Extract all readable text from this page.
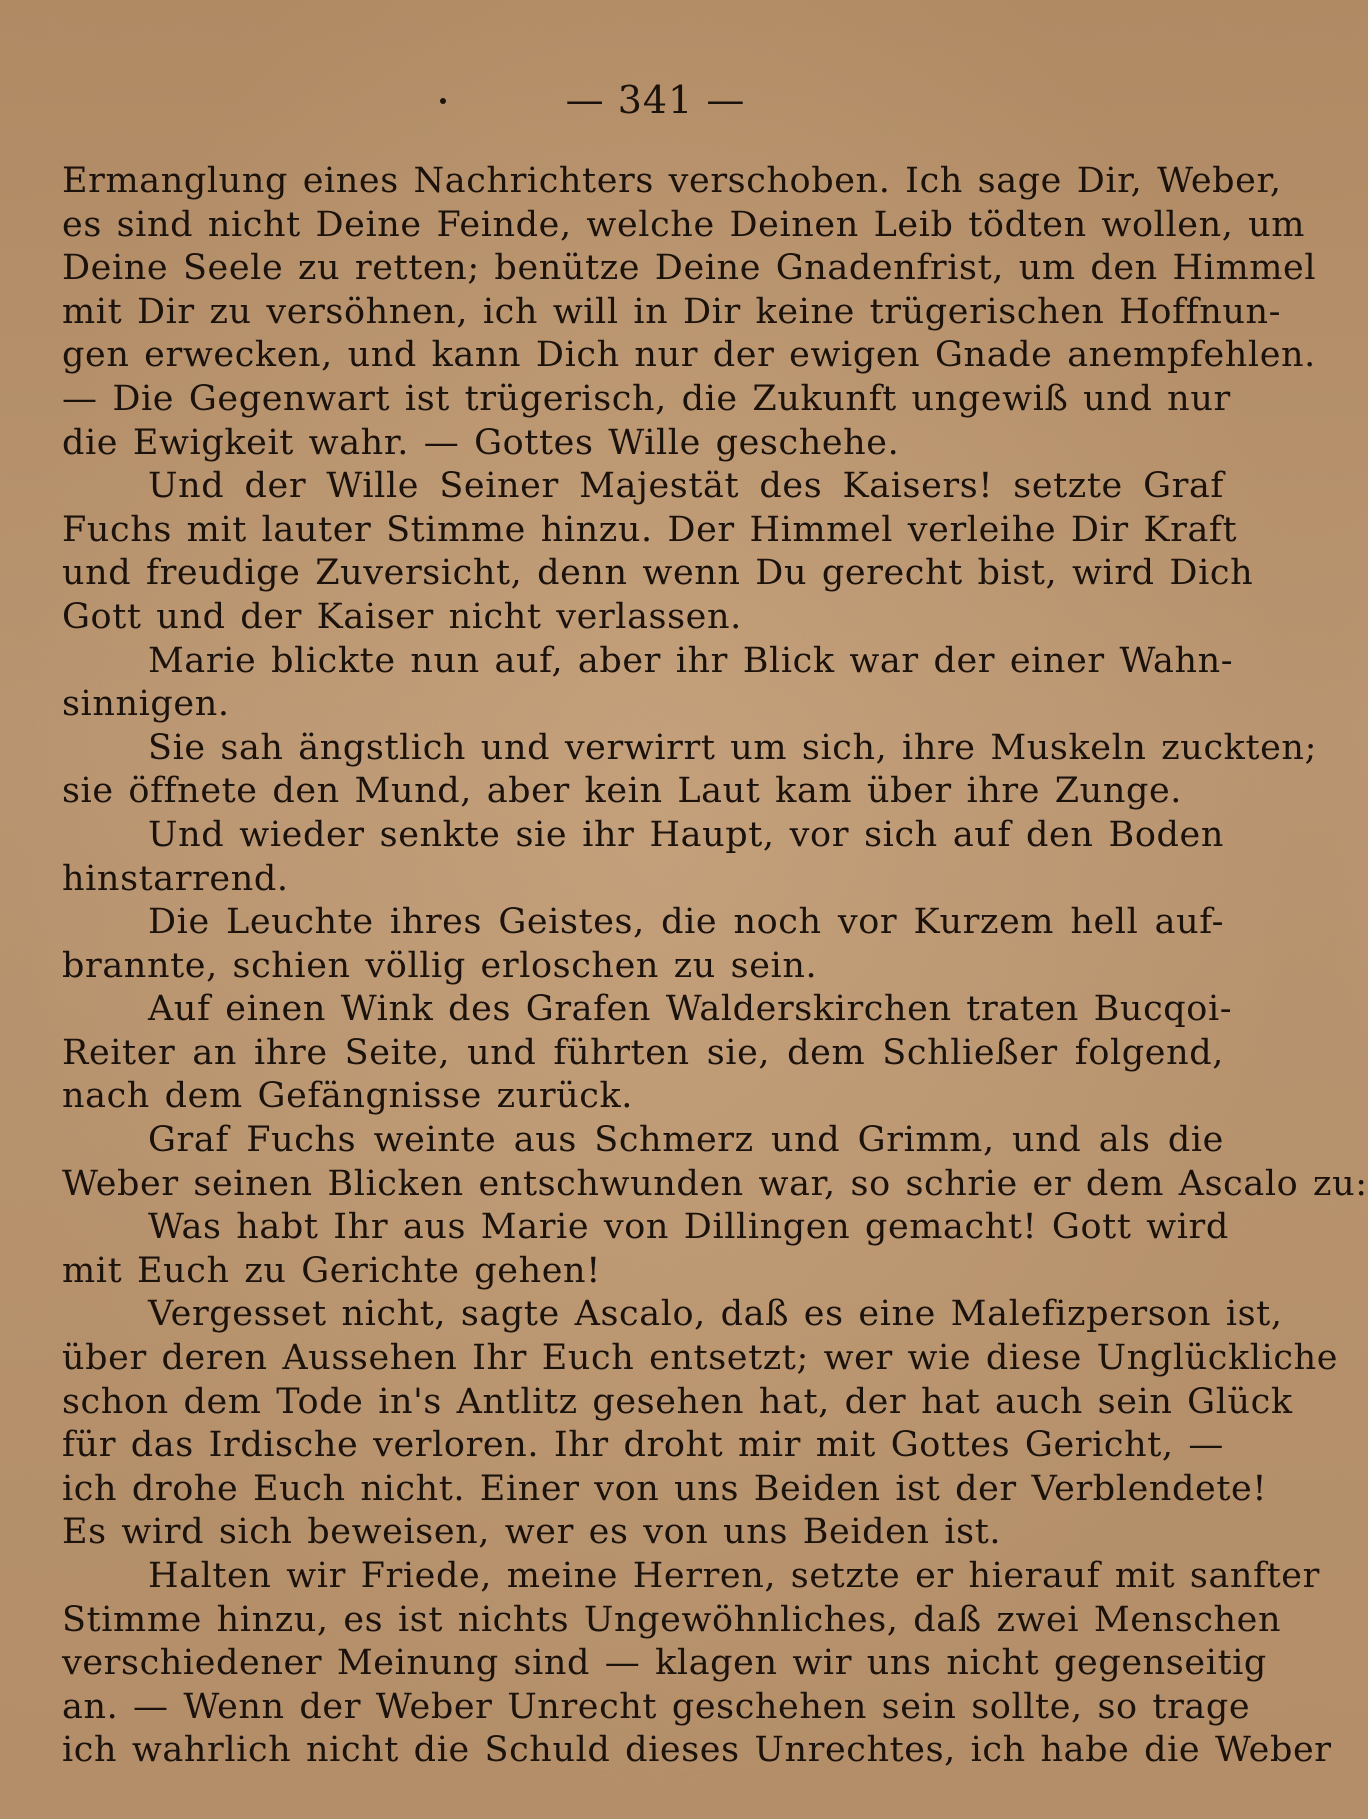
— 341 —
Ermanglung eines Nachrichters verschoben. Ich sage Dir, Weber,
es sind nicht Deine Feinde, welche Deinen Leib tödten wollen, um
Deine Seele zu retten; benütze Deine Gnadenfrist, um den Himmel
mit Dir zu versöhnen, ich will in Dir keine trügerischen Hoffnun-
gen erwecken, und kann Dich nur der ewigen Gnade anempfehlen.
— Die Gegenwart ist trügerisch, die Zukunft ungewiß und nur
die Ewigkeit wahr. — Gottes Wille geschehe.
Und der Wille Seiner Majestät des Kaisers! setzte Graf
Fuchs mit lauter Stimme hinzu. Der Himmel verleihe Dir Kraft
und freudige Zuversicht, denn wenn Du gerecht bist, wird Dich
Gott und der Kaiser nicht verlassen.
Marie blickte nun auf, aber ihr Blick war der einer Wahn-
sinnigen.
Sie sah ängstlich und verwirrt um sich, ihre Muskeln zuckten;
sie öffnete den Mund, aber kein Laut kam über ihre Zunge.
Und wieder senkte sie ihr Haupt, vor sich auf den Boden
hinstarrend.
Die Leuchte ihres Geistes, die noch vor Kurzem hell auf-
brannte, schien völlig erloschen zu sein.
Auf einen Wink des Grafen Walderskirchen traten Bucqoi-
Reiter an ihre Seite, und führten sie, dem Schließer folgend,
nach dem Gefängnisse zurück.
Graf Fuchs weinte aus Schmerz und Grimm, und als die
Weber seinen Blicken entschwunden war, so schrie er dem Ascalo zu:
Was habt Ihr aus Marie von Dillingen gemacht! Gott wird
mit Euch zu Gerichte gehen!
Vergesset nicht, sagte Ascalo, daß es eine Malefizperson ist,
über deren Aussehen Ihr Euch entsetzt; wer wie diese Unglückliche
schon dem Tode in's Antlitz gesehen hat, der hat auch sein Glück
für das Irdische verloren. Ihr droht mir mit Gottes Gericht, —
ich drohe Euch nicht. Einer von uns Beiden ist der Verblendete!
Es wird sich beweisen, wer es von uns Beiden ist.
Halten wir Friede, meine Herren, setzte er hierauf mit sanfter
Stimme hinzu, es ist nichts Ungewöhnliches, daß zwei Menschen
verschiedener Meinung sind — klagen wir uns nicht gegenseitig
an. — Wenn der Weber Unrecht geschehen sein sollte, so trage
ich wahrlich nicht die Schuld dieses Unrechtes, ich habe die Weber
